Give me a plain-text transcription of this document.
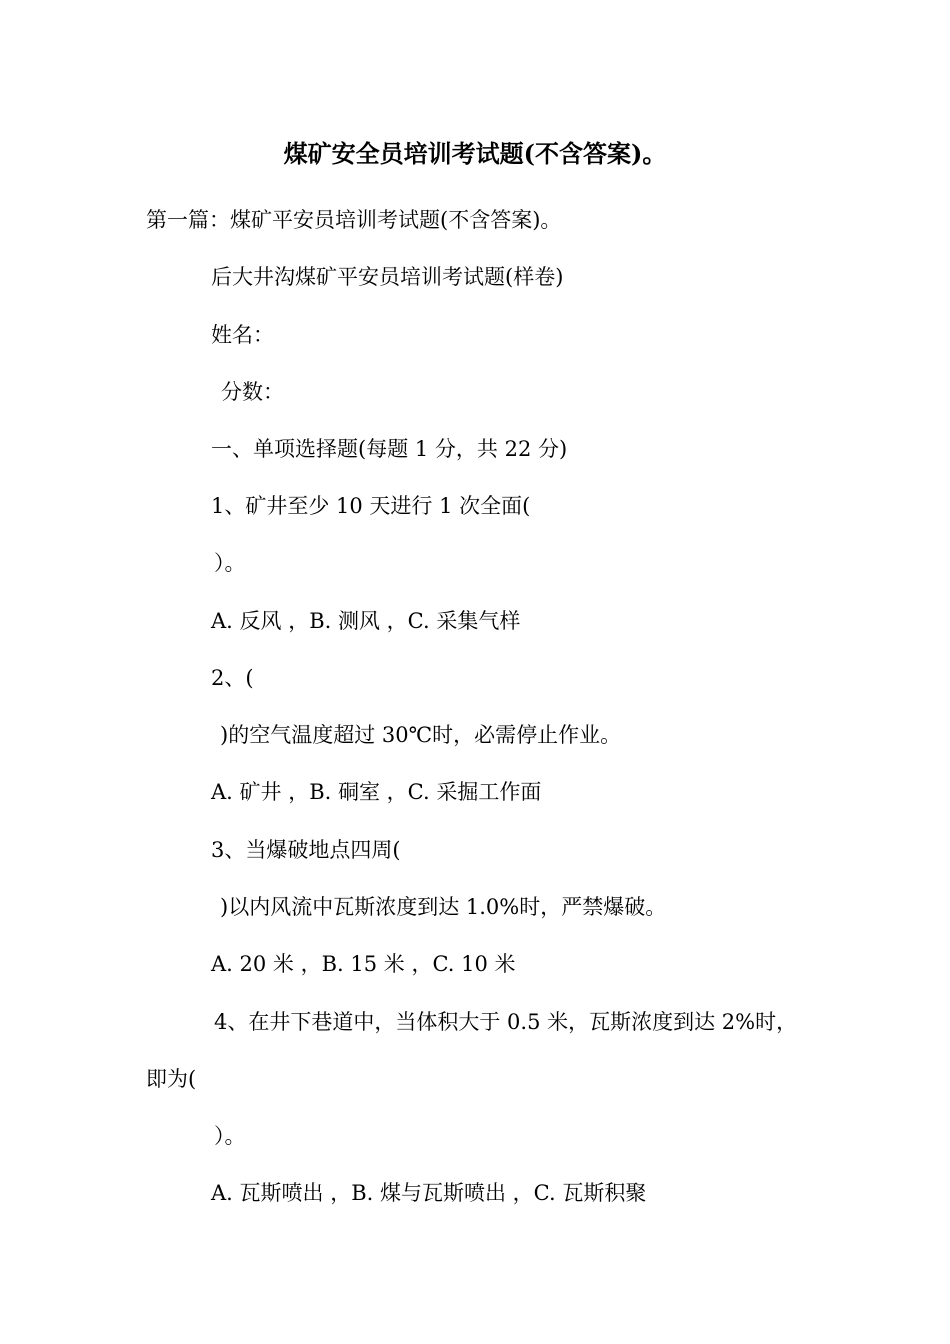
煤矿安全员培训考试题(不含答案)。
第一篇：煤矿平安员培训考试题(不含答案)。
后大井沟煤矿平安员培训考试题(样卷)
姓名：
分数：
一、单项选择题(每题 1 分，共 22 分)
1、矿井至少 10 天进行 1 次全面(
）。
A. 反风 ，B. 测风 ，C. 采集气样
2、(
)的空气温度超过 30℃时，必需停止作业。
A. 矿井 ，B. 硐室 ，C. 采掘工作面
3、当爆破地点四周(
)以内风流中瓦斯浓度到达 1.0%时，严禁爆破。
A. 20 米 ，B. 15 米 ，C. 10 米
4、在井下巷道中，当体积大于 0.5 米，瓦斯浓度到达 2%时，
即为(
）。
A. 瓦斯喷出 ，B. 煤与瓦斯喷出 ，C. 瓦斯积聚
